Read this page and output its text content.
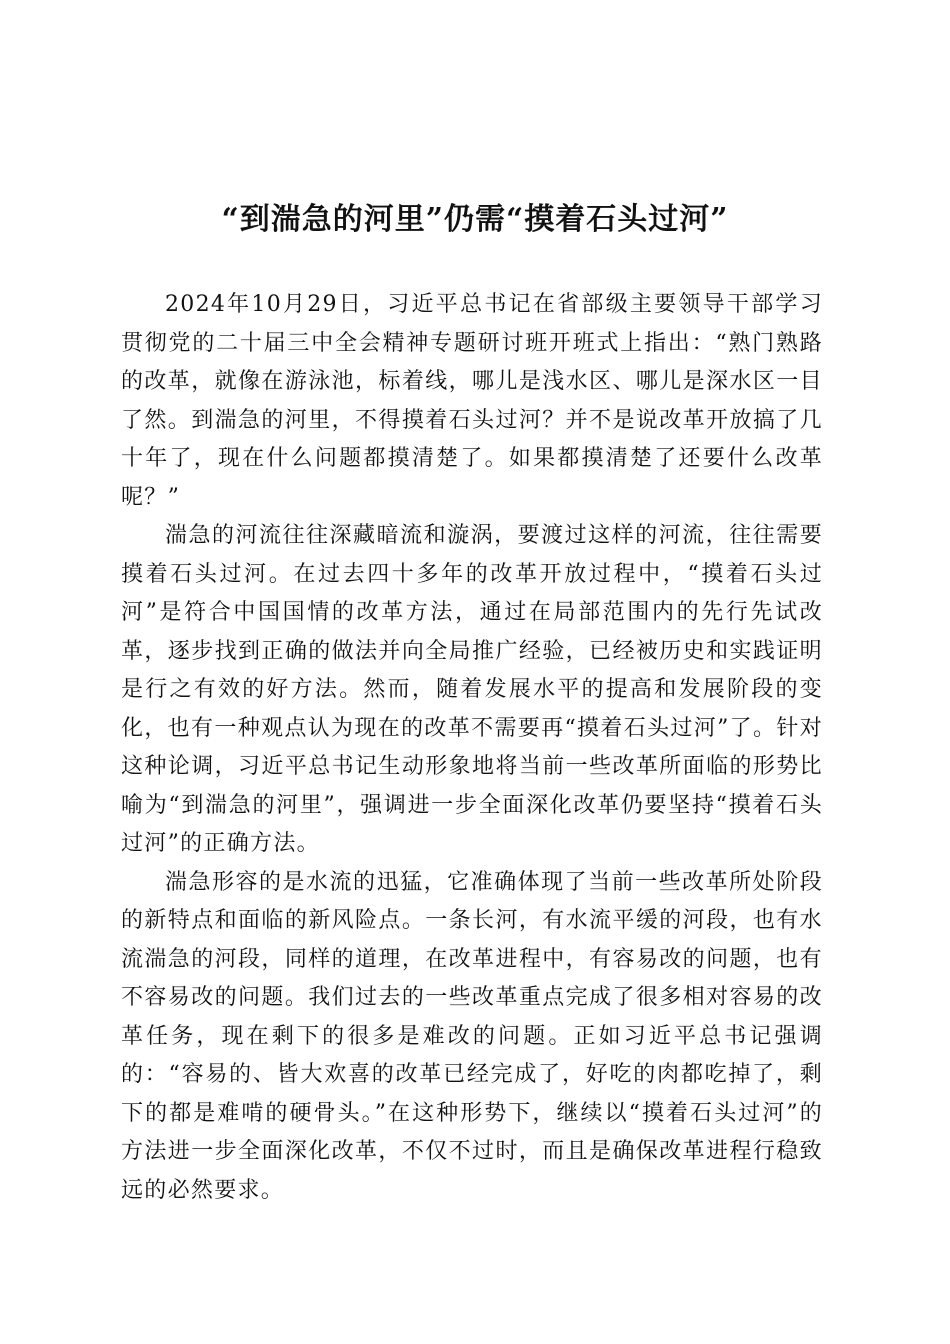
“到湍急的河里”仍需“摸着石头过河”

2024年10月29日，习近平总书记在省部级主要领导干部学习贯彻党的二十届三中全会精神专题研讨班开班式上指出：“熟门熟路的改革，就像在游泳池，标着线，哪儿是浅水区、哪儿是深水区一目了然。到湍急的河里，不得摸着石头过河？并不是说改革开放搞了几十年了，现在什么问题都摸清楚了。如果都摸清楚了还要什么改革呢？”

湍急的河流往往深藏暗流和漩涡，要渡过这样的河流，往往需要摸着石头过河。在过去四十多年的改革开放过程中，“摸着石头过河”是符合中国国情的改革方法，通过在局部范围内的先行先试改革，逐步找到正确的做法并向全局推广经验，已经被历史和实践证明是行之有效的好方法。然而，随着发展水平的提高和发展阶段的变化，也有一种观点认为现在的改革不需要再“摸着石头过河”了。针对这种论调，习近平总书记生动形象地将当前一些改革所面临的形势比喻为“到湍急的河里”，强调进一步全面深化改革仍要坚持“摸着石头过河”的正确方法。

湍急形容的是水流的迅猛，它准确体现了当前一些改革所处阶段的新特点和面临的新风险点。一条长河，有水流平缓的河段，也有水流湍急的河段，同样的道理，在改革进程中，有容易改的问题，也有不容易改的问题。我们过去的一些改革重点完成了很多相对容易的改革任务，现在剩下的很多是难改的问题。正如习近平总书记强调的：“容易的、皆大欢喜的改革已经完成了，好吃的肉都吃掉了，剩下的都是难啃的硬骨头。”在这种形势下，继续以“摸着石头过河”的方法进一步全面深化改革，不仅不过时，而且是确保改革进程行稳致远的必然要求。
